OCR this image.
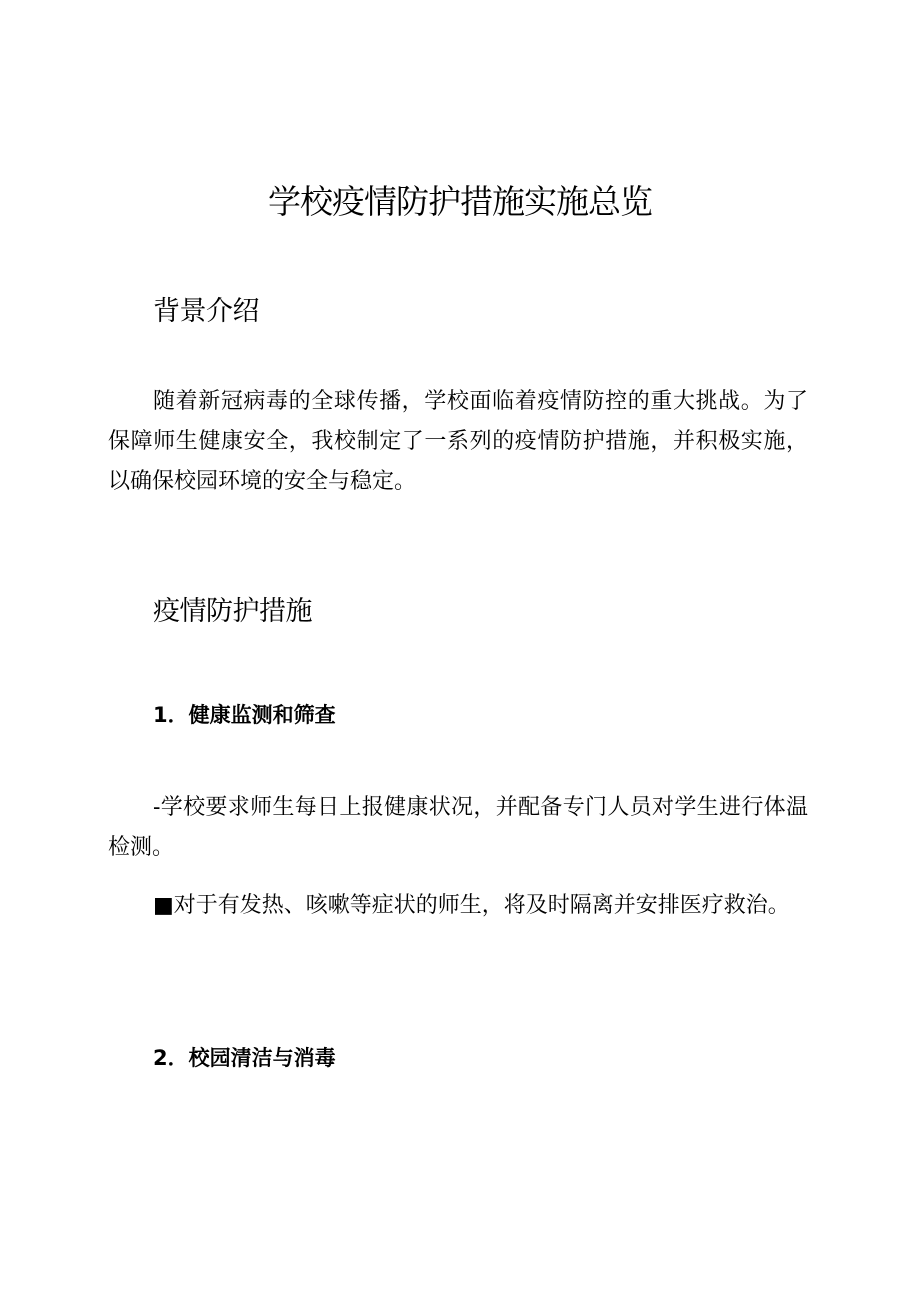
学校疫情防护措施实施总览
背景介绍

随着新冠病毒的全球传播，学校面临着疫情防控的重大挑战。为了保障师生健康安全，我校制定了一系列的疫情防护措施，并积极实施，以确保校园环境的安全与稳定。

疫情防护措施
1．健康监测和筛查

-学校要求师生每日上报健康状况，并配备专门人员对学生进行体温检测。

■对于有发热、咳嗽等症状的师生，将及时隔离并安排医疗救治。

2．校园清洁与消毒
